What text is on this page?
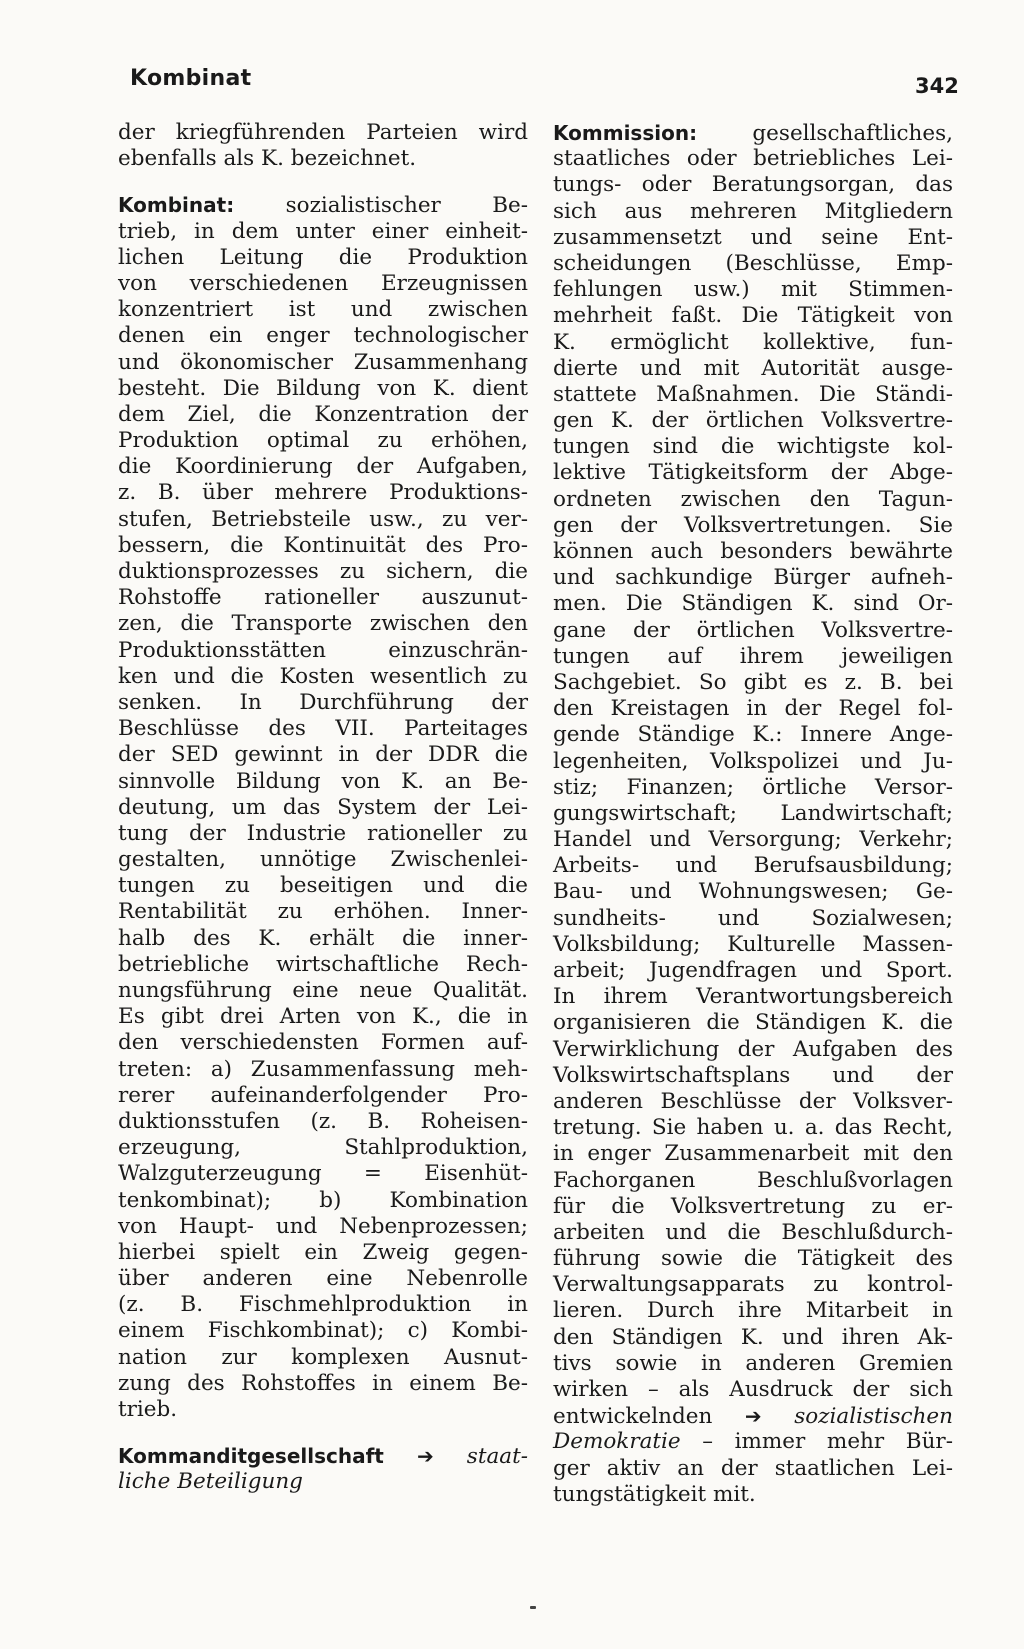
Kombinat	342
der kriegführenden Parteien wird
ebenfalls als K. bezeichnet.
Kombinat: sozialistischer Be-
trieb, in dem unter einer einheit-
lichen Leitung die Produktion
von verschiedenen Erzeugnissen
konzentriert ist und zwischen
denen ein enger technologischer
und ökonomischer Zusammenhang
besteht. Die Bildung von K. dient
dem Ziel, die Konzentration der
Produktion optimal zu erhöhen,
die Koordinierung der Aufgaben,
z. B. über mehrere Produktions-
stufen, Betriebsteile usw., zu ver-
bessern, die Kontinuität des Pro-
duktionsprozesses zu sichern, die
Rohstoffe rationeller auszunut-
zen, die Transporte zwischen den
Produktionsstätten einzuschrän-
ken und die Kosten wesentlich zu
senken. In Durchführung der
Beschlüsse des VII. Parteitages
der SED gewinnt in der DDR die
sinnvolle Bildung von K. an Be-
deutung, um das System der Lei-
tung der Industrie rationeller zu
gestalten, unnötige Zwischenlei-
tungen zu beseitigen und die
Rentabilität zu erhöhen. Inner-
halb des K. erhält die inner-
betriebliche wirtschaftliche Rech-
nungsführung eine neue Qualität.
Es gibt drei Arten von K., die in
den verschiedensten Formen auf-
treten: a) Zusammenfassung meh-
rerer aufeinanderfolgender Pro-
duktionsstufen (z. B. Roheisen-
erzeugung, Stahlproduktion,
Walzguterzeugung = Eisenhüt-
tenkombinat); b) Kombination
von Haupt- und Nebenprozessen;
hierbei spielt ein Zweig gegen-
über anderen eine Nebenrolle
(z. B. Fischmehlproduktion in
einem Fischkombinat); c) Kombi-
nation zur komplexen Ausnut-
zung des Rohstoffes in einem Be-
trieb.
Kommanditgesellschaft ➔ staat-
liche Beteiligung
Kommission:	gesellschaftliches,
staatliches oder betriebliches Lei-
tungs- oder Beratungsorgan, das
sich aus mehreren Mitgliedern
zusammensetzt und seine Ent-
scheidungen (Beschlüsse, Emp-
fehlungen usw.) mit Stimmen-
mehrheit faßt. Die Tätigkeit von
K. ermöglicht kollektive, fun-
dierte und mit Autorität ausge-
stattete Maßnahmen. Die Ständi-
gen K. der örtlichen Volksvertre-
tungen sind die wichtigste kol-
lektive Tätigkeitsform der Abge-
ordneten zwischen den Tagun-
gen der Volksvertretungen. Sie
können auch besonders bewährte
und sachkundige Bürger aufneh-
men. Die Ständigen K. sind Or-
gane der örtlichen Volksvertre-
tungen auf ihrem jeweiligen
Sachgebiet. So gibt es z. B. bei
den Kreistagen in der Regel fol-
gende Ständige K.: Innere Ange-
legenheiten, Volkspolizei und Ju-
stiz; Finanzen; örtliche Versor-
gungswirtschaft; Landwirtschaft;
Handel und Versorgung; Verkehr;
Arbeits- und Berufsausbildung;
Bau- und Wohnungswesen; Ge-
sundheits- und Sozialwesen;
Volksbildung; Kulturelle Massen-
arbeit; Jugendfragen und Sport.
In ihrem Verantwortungsbereich
organisieren die Ständigen K. die
Verwirklichung der Aufgaben des
Volkswirtschaftsplans und der
anderen Beschlüsse der Volksver-
tretung. Sie haben u. a. das Recht,
in enger Zusammenarbeit mit den
Fachorganen Beschlußvorlagen
für die Volksvertretung zu er-
arbeiten und die Beschlußdurch-
führung sowie die Tätigkeit des
Verwaltungsapparats zu kontrol-
lieren. Durch ihre Mitarbeit in
den Ständigen K. und ihren Ak-
tivs sowie in anderen Gremien
wirken – als Ausdruck der sich
entwickelnden ➔ sozialistischen
Demokratie – immer mehr Bür-
ger aktiv an der staatlichen Lei-
tungstätigkeit mit.
